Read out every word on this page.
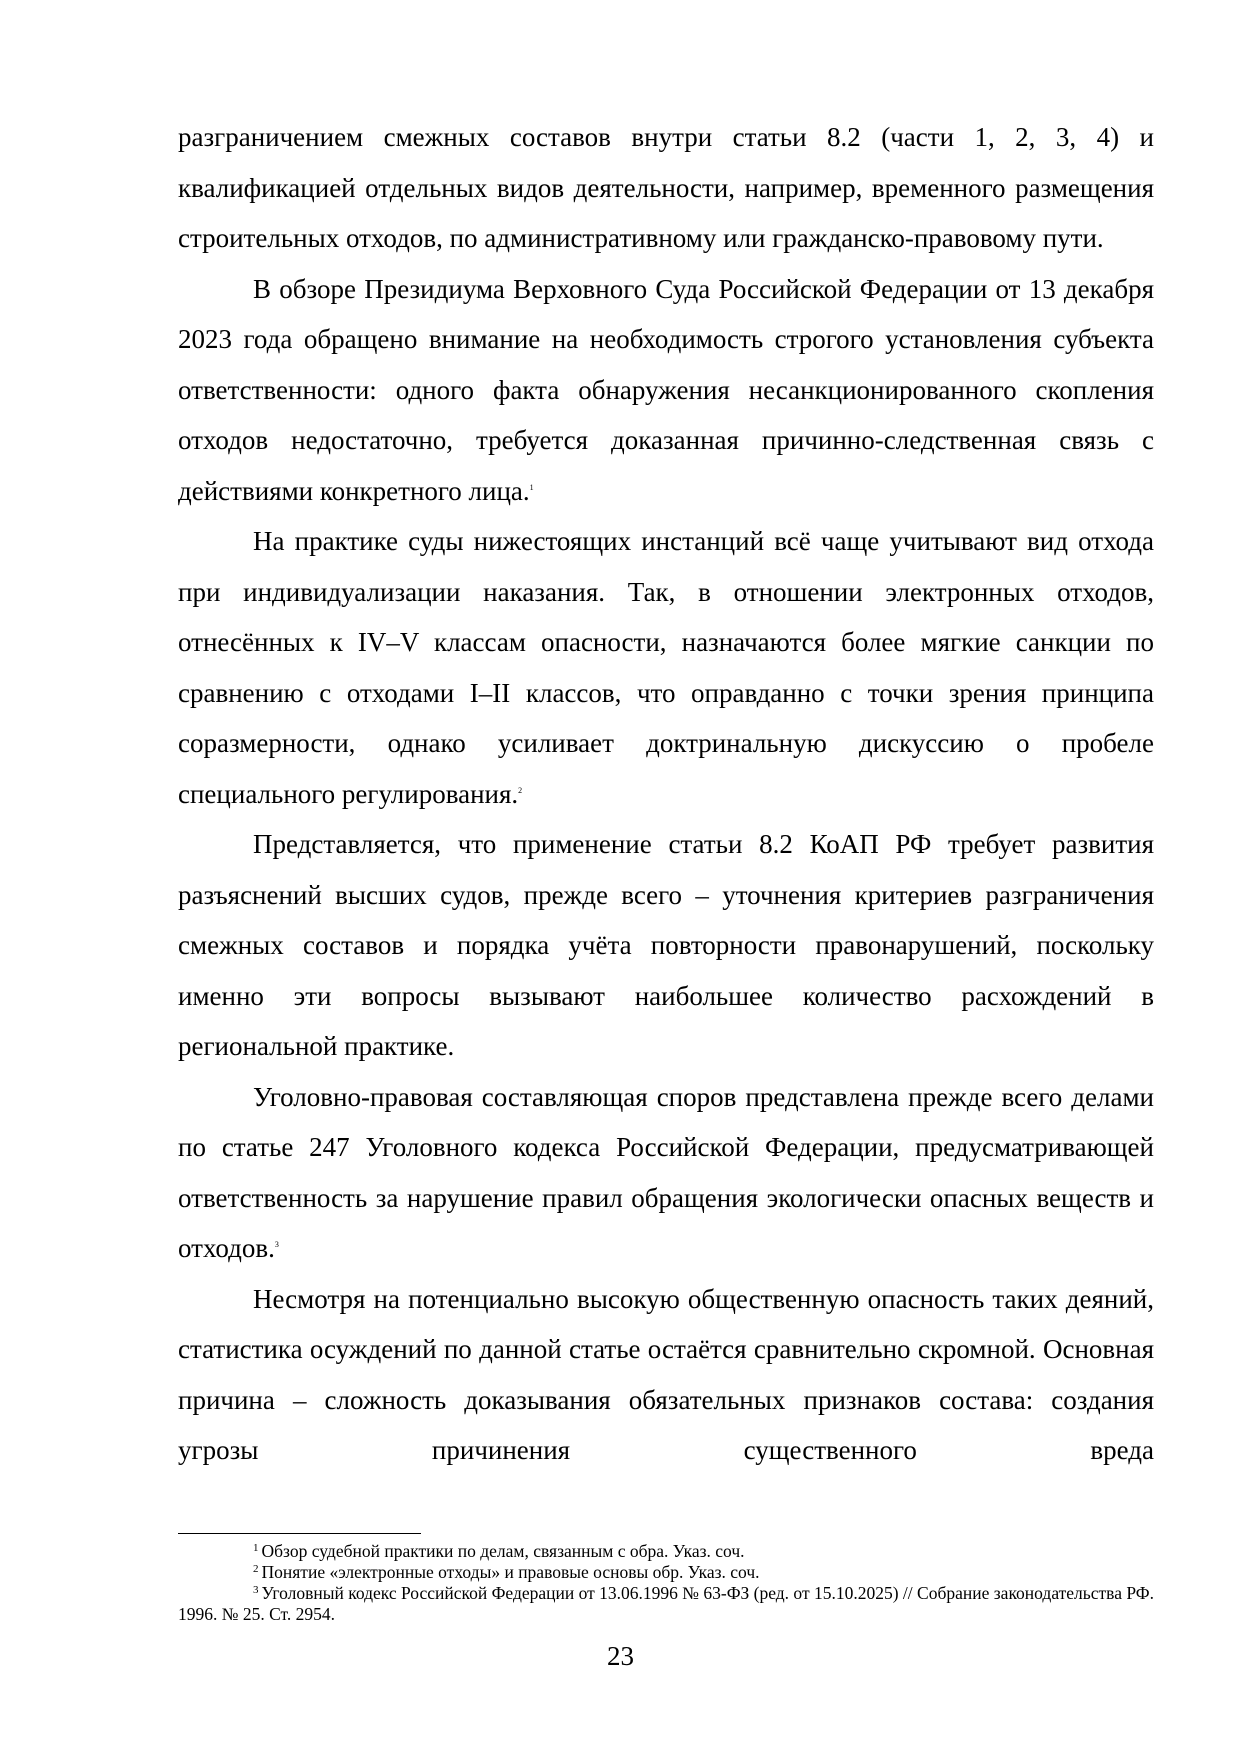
разграничением смежных составов внутри статьи 8.2 (части 1, 2, 3, 4) и квалификацией отдельных видов деятельности, например, временного размещения строительных отходов, по административному или гражданско-правовому пути.

В обзоре Президиума Верховного Суда Российской Федерации от 13 декабря 2023 года обращено внимание на необходимость строгого установления субъекта ответственности: одного факта обнаружения несанкционированного скопления отходов недостаточно, требуется доказанная причинно-следственная связь с действиями конкретного лица.$^1$

На практике суды нижестоящих инстанций всё чаще учитывают вид отхода при индивидуализации наказания. Так, в отношении электронных отходов, отнесённых к IV–V классам опасности, назначаются более мягкие санкции по сравнению с отходами I–II классов, что оправданно с точки зрения принципа соразмерности, однако усиливает доктринальную дискуссию о пробеле специального регулирования.$^2$

Представляется, что применение статьи 8.2 КоАП РФ требует развития разъяснений высших судов, прежде всего – уточнения критериев разграничения смежных составов и порядка учёта повторности правонарушений, поскольку именно эти вопросы вызывают наибольшее количество расхождений в региональной практике.

Уголовно-правовая составляющая споров представлена прежде всего делами по статье 247 Уголовного кодекса Российской Федерации, предусматривающей ответственность за нарушение правил обращения экологически опасных веществ и отходов.$^3$

Несмотря на потенциально высокую общественную опасность таких деяний, статистика осуждений по данной статье остаётся сравнительно скромной. Основная причина – сложность доказывания обязательных признаков состава: создания угрозы причинения существенного вреда

$^1$ Обзор судебной практики по делам, связанным с обра. Указ. соч.

$^2$ Понятие «электронные отходы» и правовые основы обр. Указ. соч.

$^3$ Уголовный кодекс Российской Федерации от 13.06.1996 № 63-ФЗ (ред. от 15.10.2025) // Собрание законодательства РФ. 1996. № 25. Ст. 2954.

23
